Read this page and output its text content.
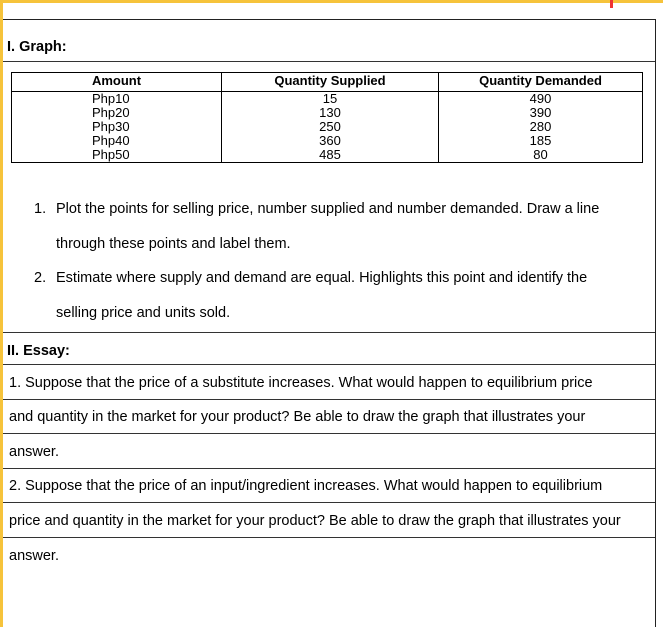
I. Graph:
Amount	Quantity Supplied	Quantity Demanded
Php10	15	490
Php20	130	390
Php30	250	280
Php40	360	185
Php50	485	80
1. Plot the points for selling price, number supplied and number demanded. Draw a line
through these points and label them.
2. Estimate where supply and demand are equal. Highlights this point and identify the
selling price and units sold.
II. Essay:
1. Suppose that the price of a substitute increases. What would happen to equilibrium price
and quantity in the market for your product? Be able to draw the graph that illustrates your
answer.
2. Suppose that the price of an input/ingredient increases. What would happen to equilibrium
price and quantity in the market for your product? Be able to draw the graph that illustrates your
answer.
